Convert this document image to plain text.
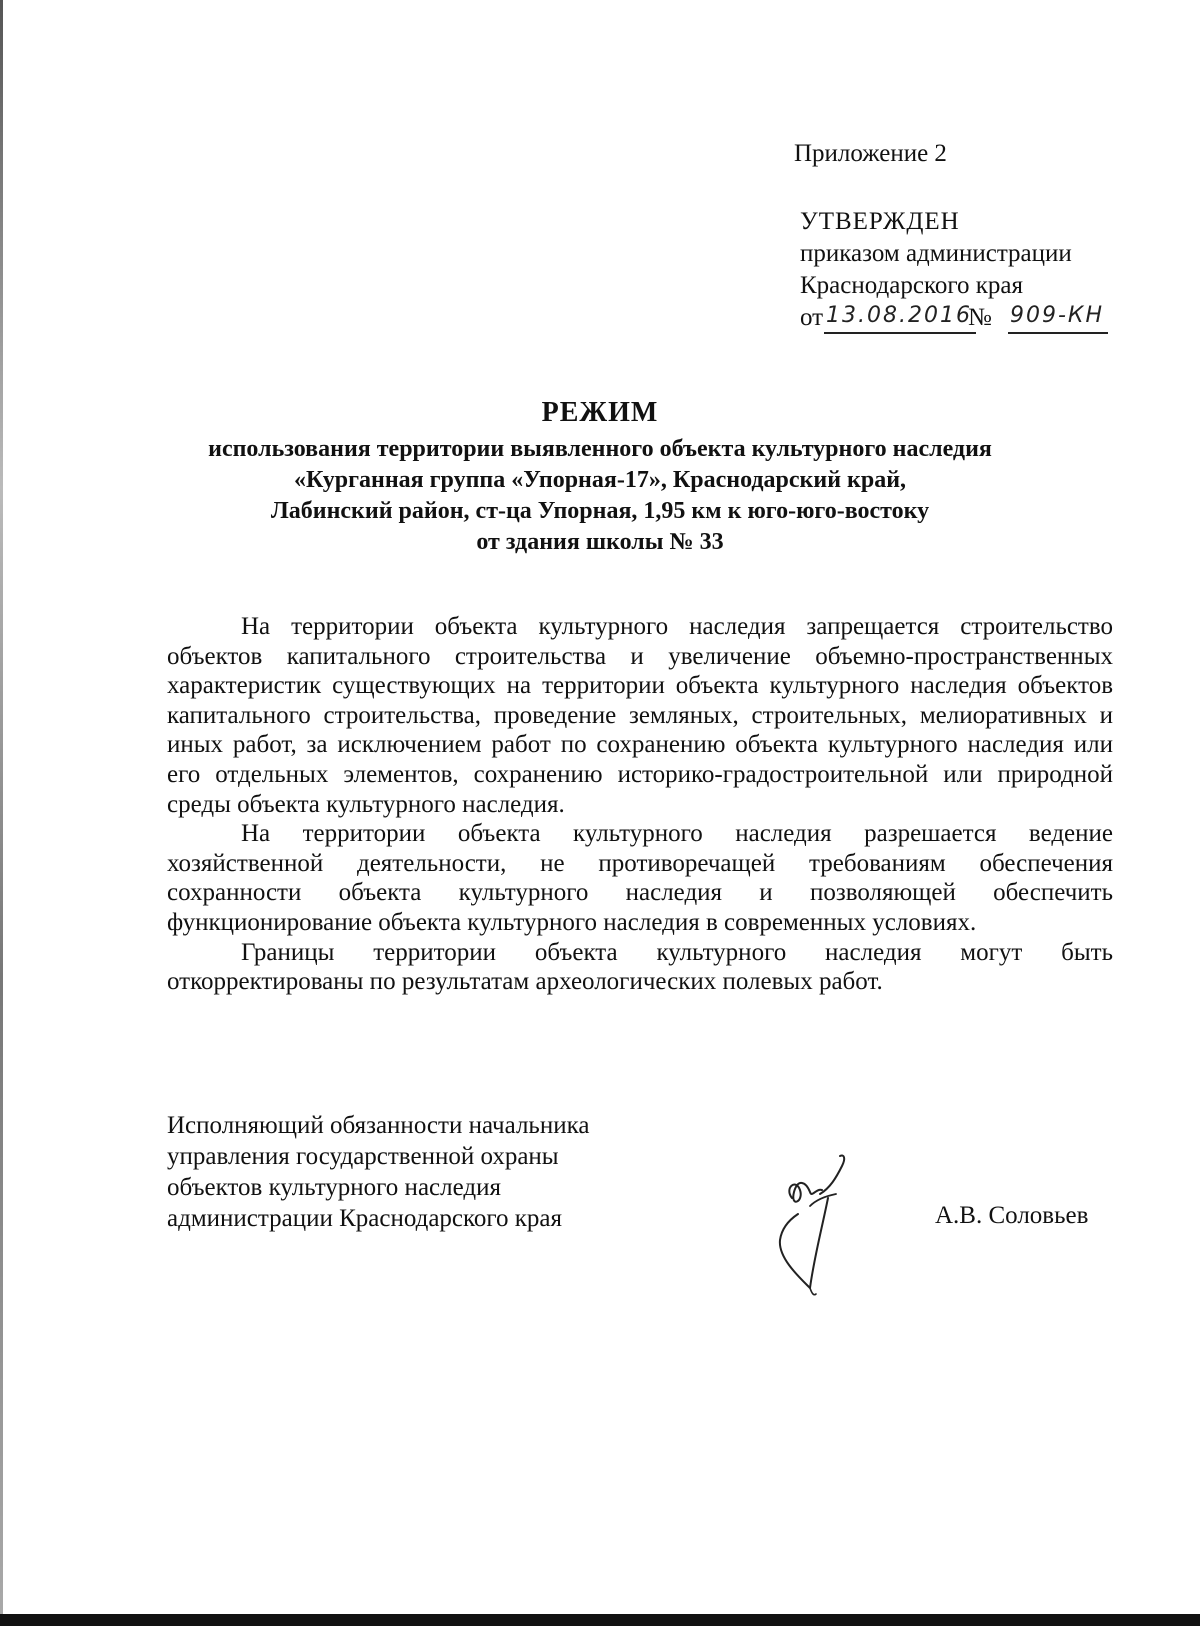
Приложение 2
УТВЕРЖДЕН
приказом администрации
Краснодарского края
от 13.08.2016
№ 909-КН
РЕЖИМ
использования территории выявленного объекта культурного наследия
«Курганная группа «Упорная-17», Краснодарский край,
Лабинский район, ст-ца Упорная, 1,95 км к юго-юго-востоку
от здания школы № 33

На территории объекта культурного наследия запрещается строительство объектов капитального строительства и увеличение объемно-пространственных характеристик существующих на территории объекта культурного наследия объектов капитального строительства, проведение земляных, строительных, мелиоративных и иных работ, за исключением работ по сохранению объекта культурного наследия или его отдельных элементов, сохранению историко-градостроительной или природной среды объекта культурного наследия.

На территории объекта культурного наследия разрешается ведение хозяйственной деятельности, не противоречащей требованиям обеспечения сохранности объекта культурного наследия и позволяющей обеспечить функционирование объекта культурного наследия в современных условиях.

Границы территории объекта культурного наследия могут быть откорректированы по результатам археологических полевых работ.

Исполняющий обязанности начальника
управления государственной охраны
объектов культурного наследия
администрации Краснодарского края	А.В. Соловьев
